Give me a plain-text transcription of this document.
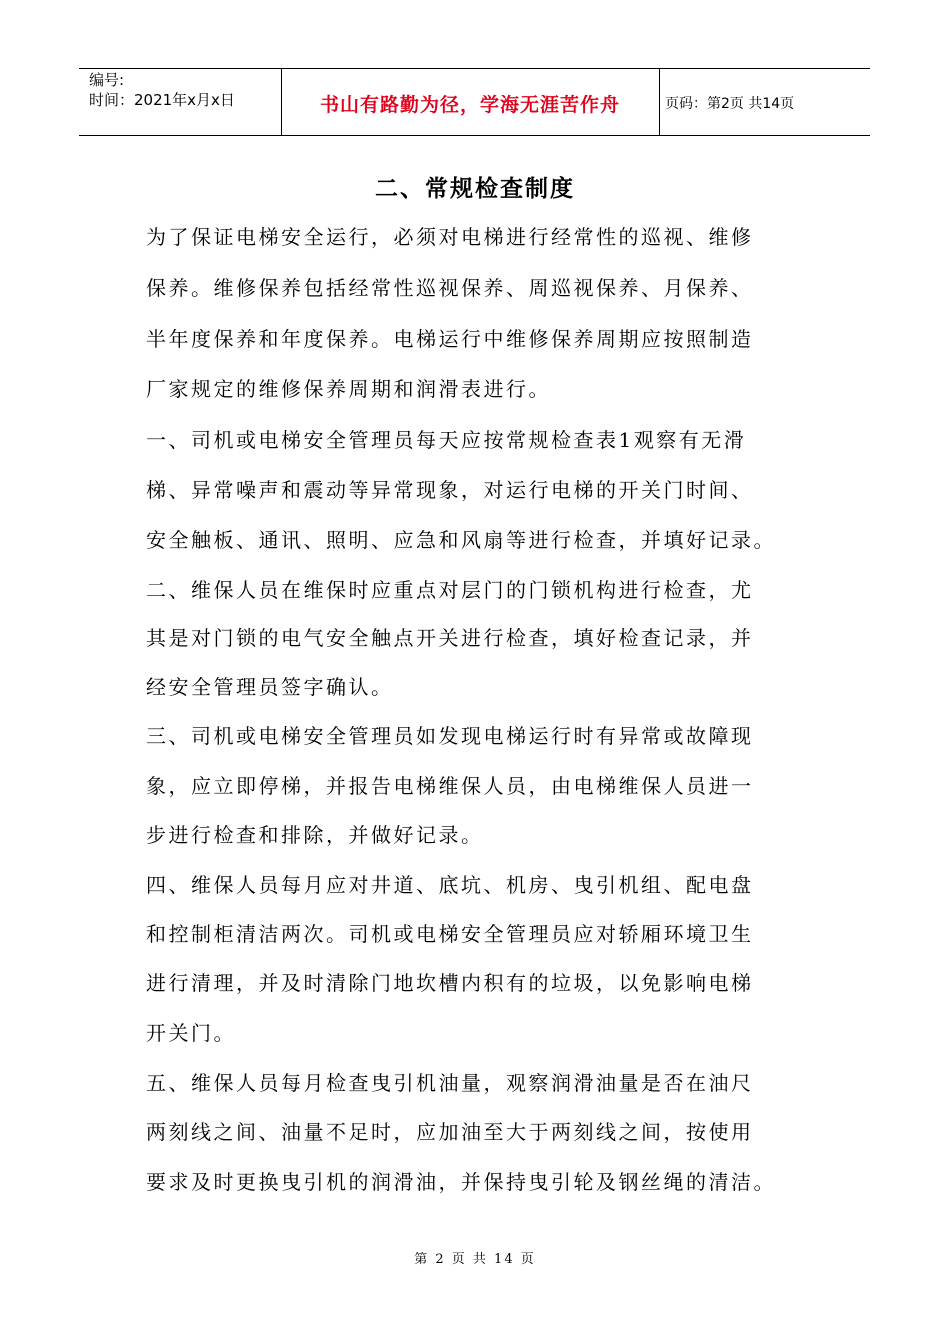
编号:
时间：2021年x月x日	书山有路勤为径，学海无涯苦作舟	页码：第2页 共14页
二、常规检查制度
为了保证电梯安全运行，必须对电梯进行经常性的巡视、维修
保养。维修保养包括经常性巡视保养、周巡视保养、月保养、
半年度保养和年度保养。电梯运行中维修保养周期应按照制造
厂家规定的维修保养周期和润滑表进行。
一、司机或电梯安全管理员每天应按常规检查表1观察有无滑
梯、异常噪声和震动等异常现象，对运行电梯的开关门时间、
安全触板、通讯、照明、应急和风扇等进行检查，并填好记录。
二、维保人员在维保时应重点对层门的门锁机构进行检查，尤
其是对门锁的电气安全触点开关进行检查，填好检查记录，并
经安全管理员签字确认。
三、司机或电梯安全管理员如发现电梯运行时有异常或故障现
象，应立即停梯，并报告电梯维保人员，由电梯维保人员进一
步进行检查和排除，并做好记录。
四、维保人员每月应对井道、底坑、机房、曳引机组、配电盘
和控制柜清洁两次。司机或电梯安全管理员应对轿厢环境卫生
进行清理，并及时清除门地坎槽内积有的垃圾，以免影响电梯
开关门。
五、维保人员每月检查曳引机油量，观察润滑油量是否在油尺
两刻线之间、油量不足时，应加油至大于两刻线之间，按使用
要求及时更换曳引机的润滑油，并保持曳引轮及钢丝绳的清洁。
第 2 页 共 14 页
